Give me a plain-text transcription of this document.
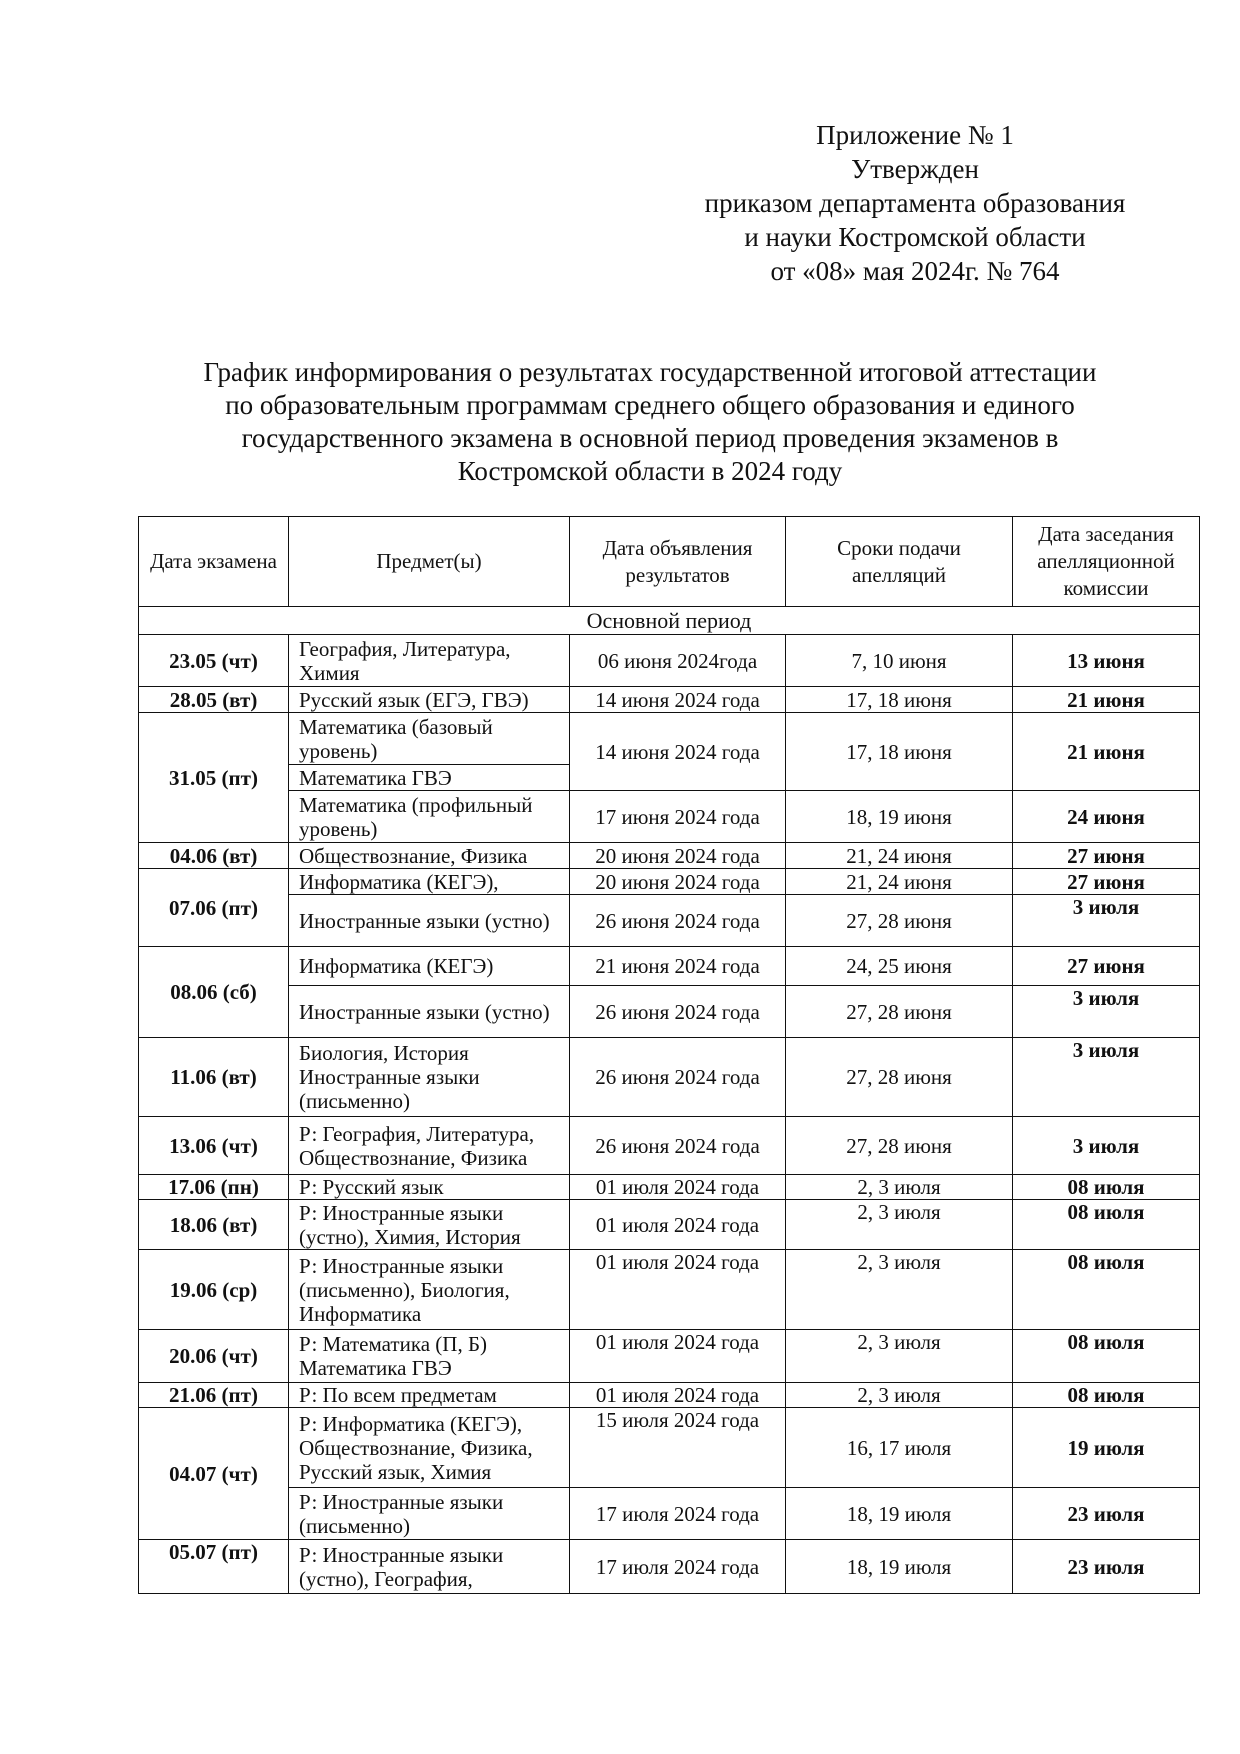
Приложение № 1
Утвержден
приказом департамента образования
и науки Костромской области
от «08» мая 2024г. № 764
График информирования о результатах государственной итоговой аттестации
по образовательным программам среднего общего образования и единого
государственного экзамена в основной период проведения экзаменов в
Костромской области в 2024 году
Дата экзамена	Предмет(ы)	Дата объявления результатов	Сроки подачи апелляций	Дата заседания апелляционной комиссии
Основной период				
23.05 (чт)	География, Литература, Химия	06 июня 2024года	7, 10 июня	13 июня
28.05 (вт)	Русский язык (ЕГЭ, ГВЭ)	14 июня 2024 года	17, 18 июня	21 июня
31.05 (пт)	Математика (базовый уровень)	14 июня 2024 года	17, 18 июня	21 июня
	Математика ГВЭ			
	Математика (профильный уровень)	17 июня 2024 года	18, 19 июня	24 июня
04.06 (вт)	Обществознание, Физика	20 июня 2024 года	21, 24 июня	27 июня
07.06 (пт)	Информатика (КЕГЭ),	20 июня 2024 года	21, 24 июня	27 июня
	Иностранные языки (устно)	26 июня 2024 года	27, 28 июня	3 июля
08.06 (сб)	Информатика (КЕГЭ)	21 июня 2024 года	24, 25 июня	27 июня
	Иностранные языки (устно)	26 июня 2024 года	27, 28 июня	3 июля
11.06 (вт)	Биология, История Иностранные языки (письменно)	26 июня 2024 года	27, 28 июня	3 июля
13.06 (чт)	Р: География, Литература, Обществознание, Физика	26 июня 2024 года	27, 28 июня	3 июля
17.06 (пн)	Р: Русский язык	01 июля 2024 года	2, 3 июля	08 июля
18.06 (вт)	Р: Иностранные языки (устно), Химия, История	01 июля 2024 года	2, 3 июля	08 июля
19.06 (ср)	Р: Иностранные языки (письменно), Биология, Информатика	01 июля 2024 года	2, 3 июля	08 июля
20.06 (чт)	Р: Математика (П, Б) Математика ГВЭ	01 июля 2024 года	2, 3 июля	08 июля
21.06 (пт)	Р: По всем предметам	01 июля 2024 года	2, 3 июля	08 июля
04.07 (чт)	Р: Информатика (КЕГЭ), Обществознание, Физика, Русский язык, Химия	15 июля 2024 года	16, 17 июля	19 июля
	Р: Иностранные языки (письменно)	17 июля 2024 года	18, 19 июля	23 июля
05.07 (пт)	Р: Иностранные языки (устно), География,	17 июля 2024 года	18, 19 июля	23 июля
